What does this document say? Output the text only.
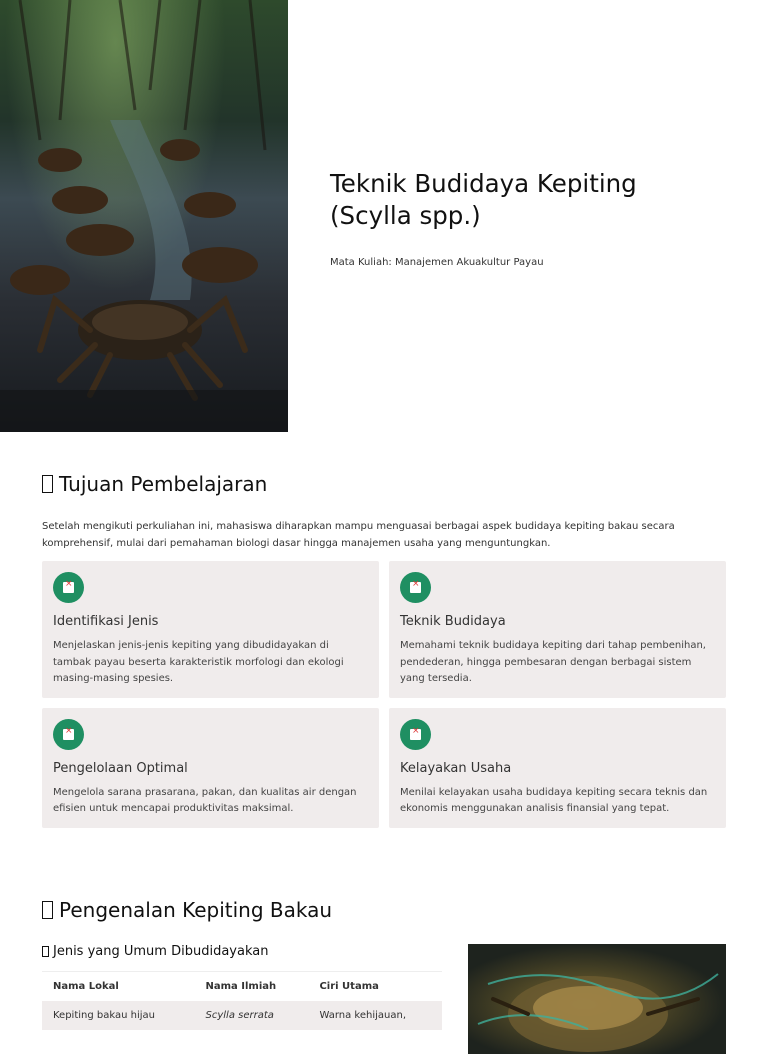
Teknik Budidaya Kepiting
(Scylla spp.)
Mata Kuliah: Manajemen Akuakultur Payau
Tujuan Pembelajaran
Setelah mengikuti perkuliahan ini, mahasiswa diharapkan mampu menguasai berbagai aspek budidaya kepiting bakau secara komprehensif, mulai dari pemahaman biologi dasar hingga manajemen usaha yang menguntungkan.
×
Identifikasi Jenis
Menjelaskan jenis-jenis kepiting yang dibudidayakan di tambak payau beserta karakteristik morfologi dan ekologi masing-masing spesies.
×
Teknik Budidaya
Memahami teknik budidaya kepiting dari tahap pembenihan, pendederan, hingga pembesaran dengan berbagai sistem yang tersedia.
×
Pengelolaan Optimal
Mengelola sarana prasarana, pakan, dan kualitas air dengan efisien untuk mencapai produktivitas maksimal.
×
Kelayakan Usaha
Menilai kelayakan usaha budidaya kepiting secara teknis dan ekonomis menggunakan analisis finansial yang tepat.
Pengenalan Kepiting Bakau
Jenis yang Umum Dibudidayakan
Nama Lokal	Nama Ilmiah	Ciri Utama
Kepiting bakau hijau	Scylla serrata	Warna kehijauan,
